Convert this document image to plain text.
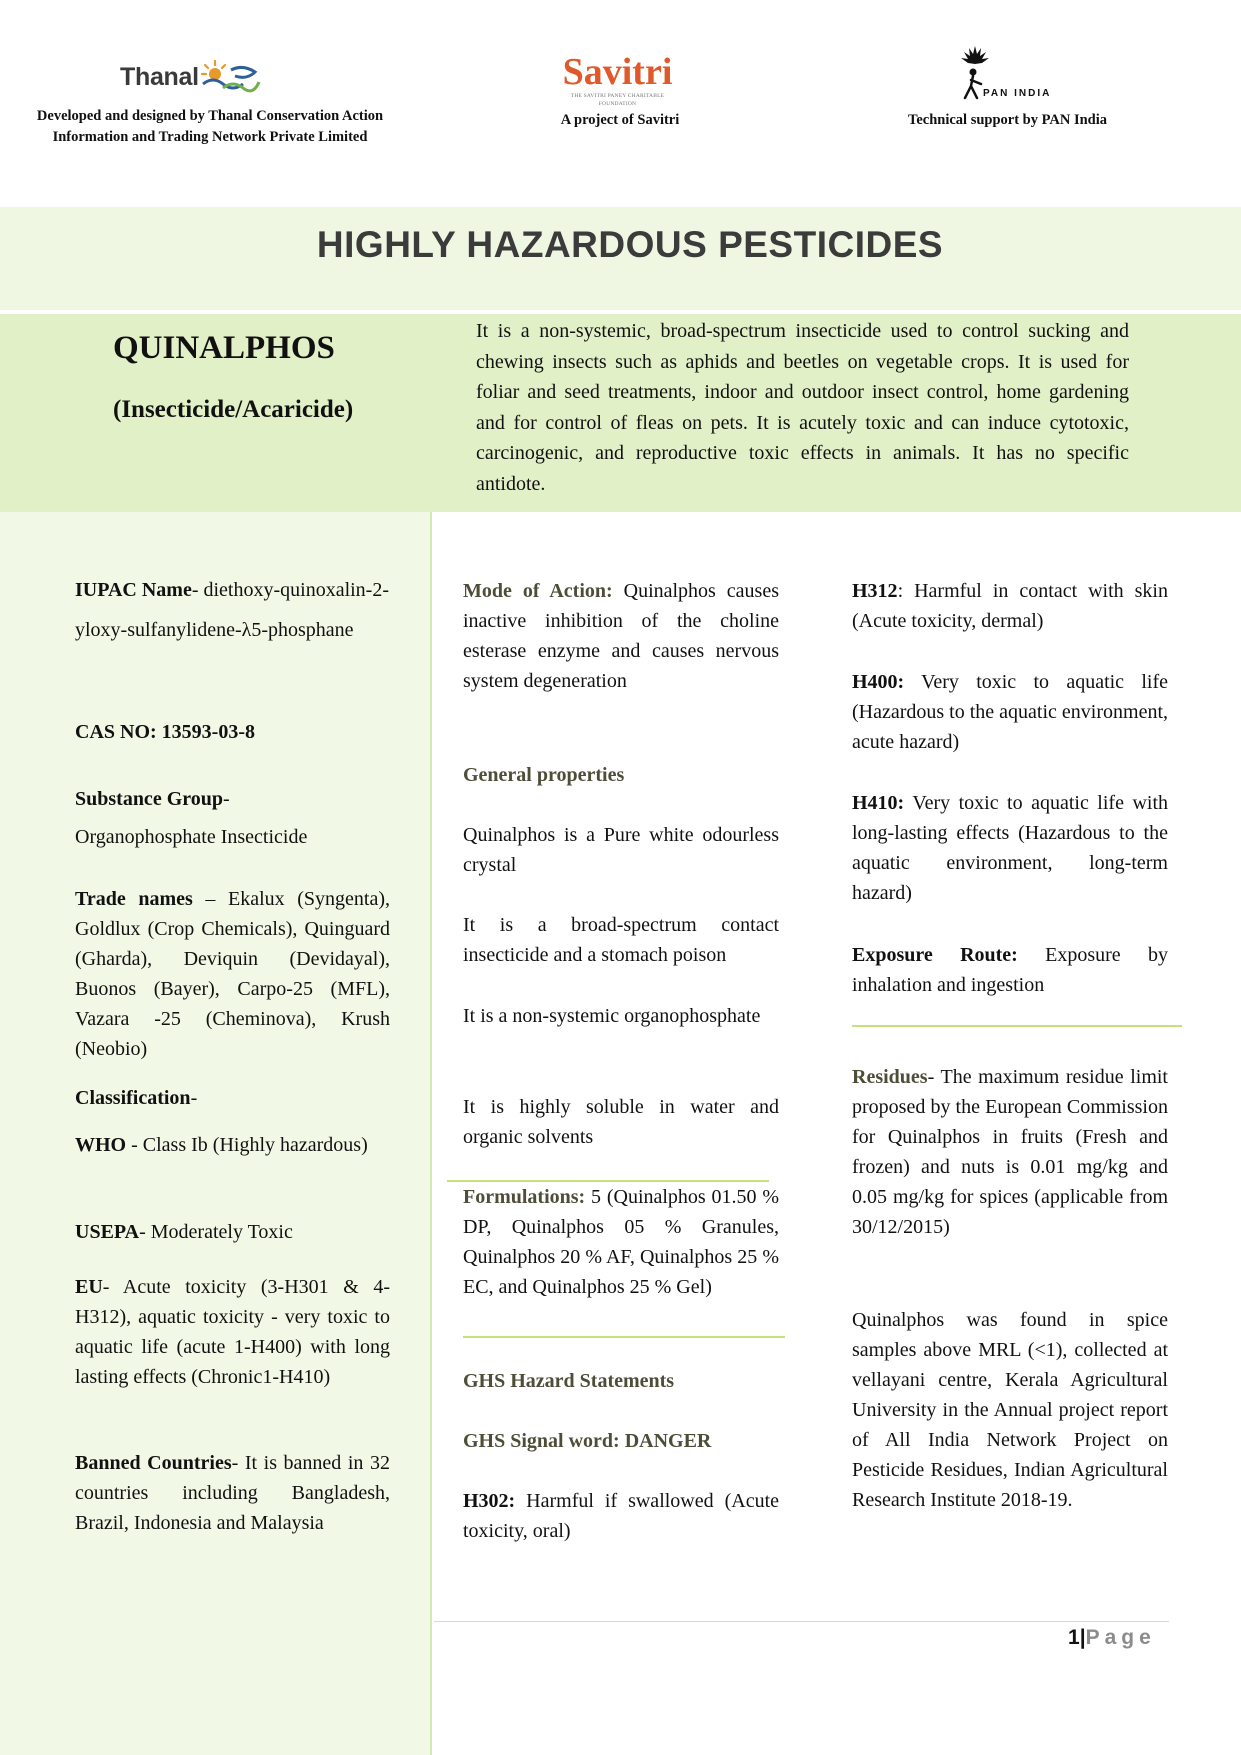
Thanal
Developed and designed by Thanal Conservation Action Information and Trading Network Private Limited
Savitri
THE SAVITRI PANEY CHARITABLE FOUNDATION
A project of Savitri
PAN INDIA
Technical support by PAN India
HIGHLY HAZARDOUS PESTICIDES
QUINALPHOS
(Insecticide/Acaricide)
It is a non-systemic, broad-spectrum insecticide used to control sucking and chewing insects such as aphids and beetles on vegetable crops. It is used for foliar and seed treatments, indoor and outdoor insect control, home gardening and for control of fleas on pets. It is acutely toxic and can induce cytotoxic, carcinogenic, and reproductive toxic effects in animals. It has no specific antidote.
IUPAC Name- diethoxy-quinoxalin-2-yloxy-sulfanylidene-λ5-phosphane
CAS NO: 13593-03-8
Substance Group-
Organophosphate Insecticide
Trade names – Ekalux (Syngenta), Goldlux (Crop Chemicals), Quinguard (Gharda), Deviquin (Devidayal), Buonos (Bayer), Carpo-25 (MFL), Vazara -25 (Cheminova), Krush (Neobio)
Classification-
WHO - Class Ib (Highly hazardous)
USEPA- Moderately Toxic
EU- Acute toxicity (3-H301 & 4-H312), aquatic toxicity - very toxic to aquatic life (acute 1-H400) with long lasting effects (Chronic1-H410)
Banned Countries- It is banned in 32 countries including Bangladesh, Brazil, Indonesia and Malaysia
Mode of Action: Quinalphos causes inactive inhibition of the choline esterase enzyme and causes nervous system degeneration
General properties
Quinalphos is a Pure white odourless crystal
It is a broad-spectrum contact insecticide and a stomach poison
It is a non-systemic organophosphate
It is highly soluble in water and organic solvents
Formulations: 5 (Quinalphos 01.50 % DP, Quinalphos 05 % Granules, Quinalphos 20 % AF, Quinalphos 25 % EC, and Quinalphos 25 % Gel)
GHS Hazard Statements
GHS Signal word: DANGER
H302: Harmful if swallowed (Acute toxicity, oral)
H312: Harmful in contact with skin (Acute toxicity, dermal)
H400: Very toxic to aquatic life (Hazardous to the aquatic environment, acute hazard)
H410: Very toxic to aquatic life with long-lasting effects (Hazardous to the aquatic environment, long-term hazard)
Exposure Route: Exposure by inhalation and ingestion
Residues- The maximum residue limit proposed by the European Commission for Quinalphos in fruits (Fresh and frozen) and nuts is 0.01 mg/kg and 0.05 mg/kg for spices (applicable from 30/12/2015)
Quinalphos was found in spice samples above MRL (<1), collected at vellayani centre, Kerala Agricultural University in the Annual project report of All India Network Project on Pesticide Residues, Indian Agricultural Research Institute 2018-19.
1|Page
